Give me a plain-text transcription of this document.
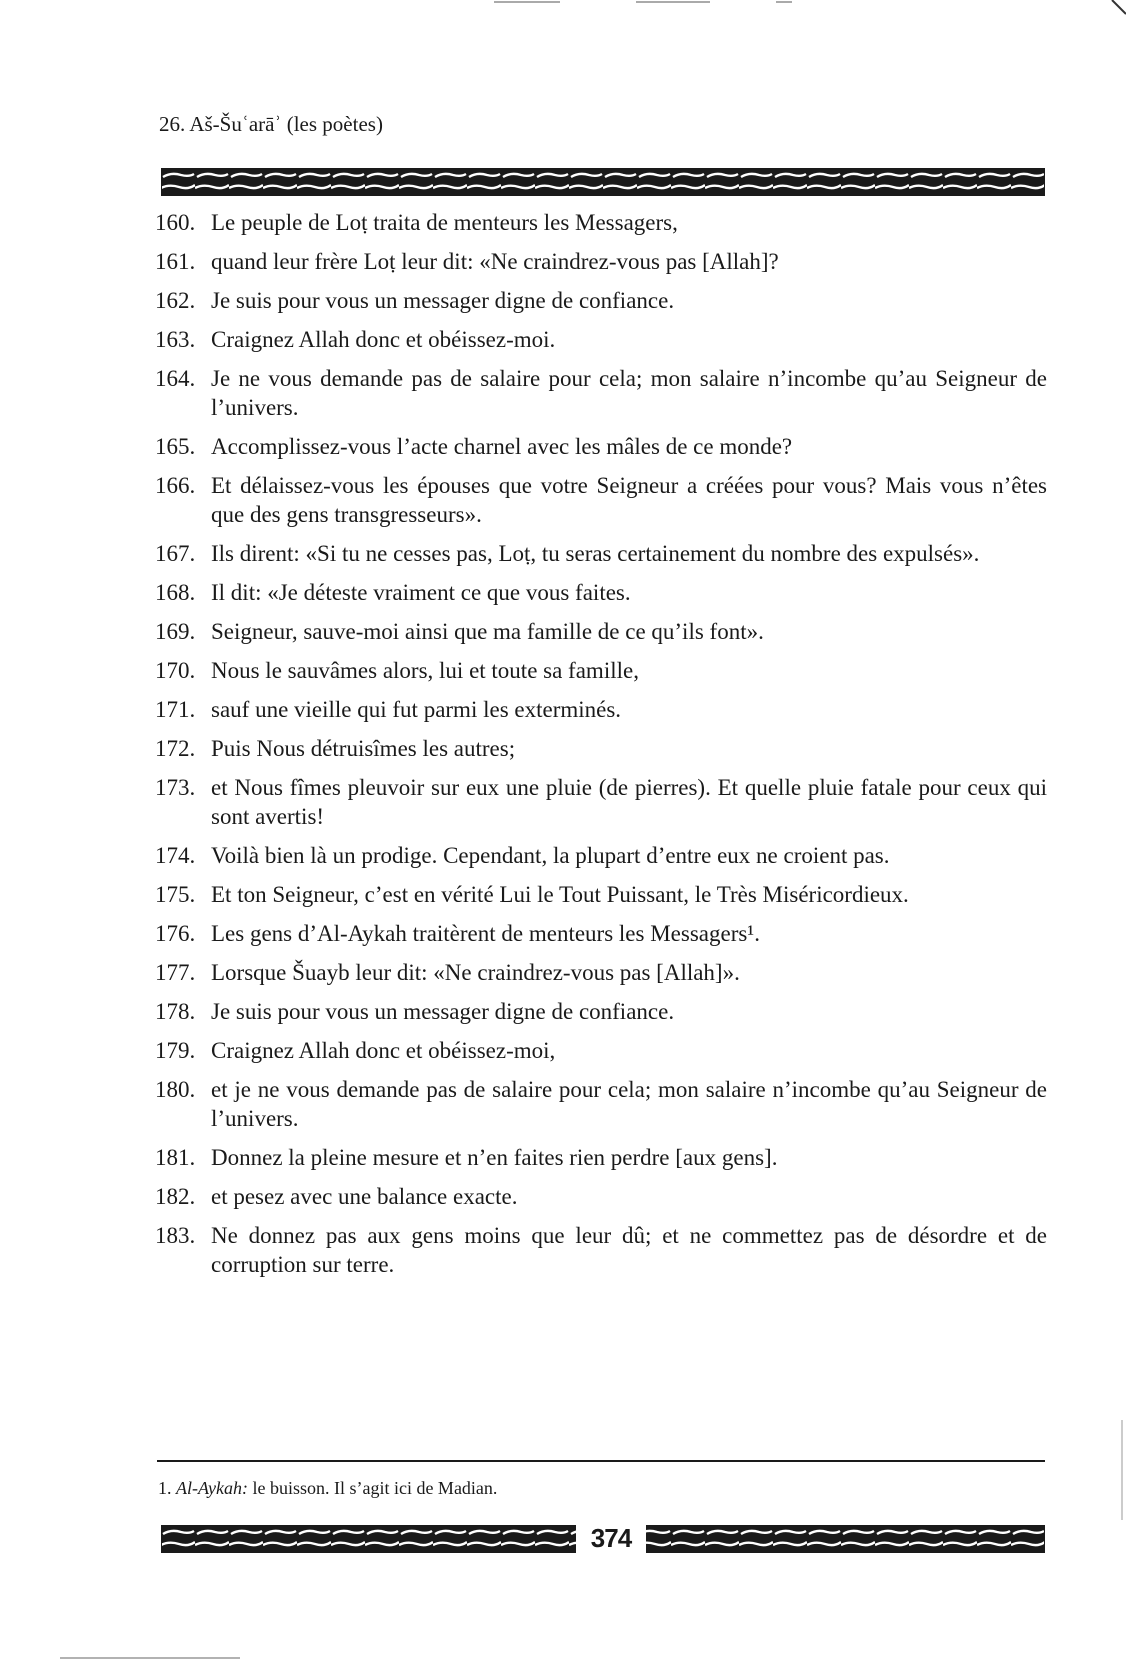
26. Aš-Šuʿarāʾ (les poètes)
160. Le peuple de Loṭ traita de menteurs les Messagers,
161. quand leur frère Loṭ leur dit: «Ne craindrez-vous pas [Allah]?
162. Je suis pour vous un messager digne de confiance.
163. Craignez Allah donc et obéissez-moi.
164. Je ne vous demande pas de salaire pour cela; mon salaire n’incombe qu’au Seigneur de l’univers.
165. Accomplissez-vous l’acte charnel avec les mâles de ce monde?
166. Et délaissez-vous les épouses que votre Seigneur a créées pour vous? Mais vous n’êtes que des gens transgresseurs».
167. Ils dirent: «Si tu ne cesses pas, Loṭ, tu seras certainement du nombre des expulsés».
168. Il dit: «Je déteste vraiment ce que vous faites.
169. Seigneur, sauve-moi ainsi que ma famille de ce qu’ils font».
170. Nous le sauvâmes alors, lui et toute sa famille,
171. sauf une vieille qui fut parmi les exterminés.
172. Puis Nous détruisîmes les autres;
173. et Nous fîmes pleuvoir sur eux une pluie (de pierres). Et quelle pluie fatale pour ceux qui sont avertis!
174. Voilà bien là un prodige. Cependant, la plupart d’entre eux ne croient pas.
175. Et ton Seigneur, c’est en vérité Lui le Tout Puissant, le Très Miséricordieux.
176. Les gens d’Al-Aykah traitèrent de menteurs les Messagers¹.
177. Lorsque Šuayb leur dit: «Ne craindrez-vous pas [Allah]».
178. Je suis pour vous un messager digne de confiance.
179. Craignez Allah donc et obéissez-moi,
180. et je ne vous demande pas de salaire pour cela; mon salaire n’incombe qu’au Seigneur de l’univers.
181. Donnez la pleine mesure et n’en faites rien perdre [aux gens].
182. et pesez avec une balance exacte.
183. Ne donnez pas aux gens moins que leur dû; et ne commettez pas de désordre et de corruption sur terre.
1. Al-Aykah: le buisson. Il s’agit ici de Madian.
374
